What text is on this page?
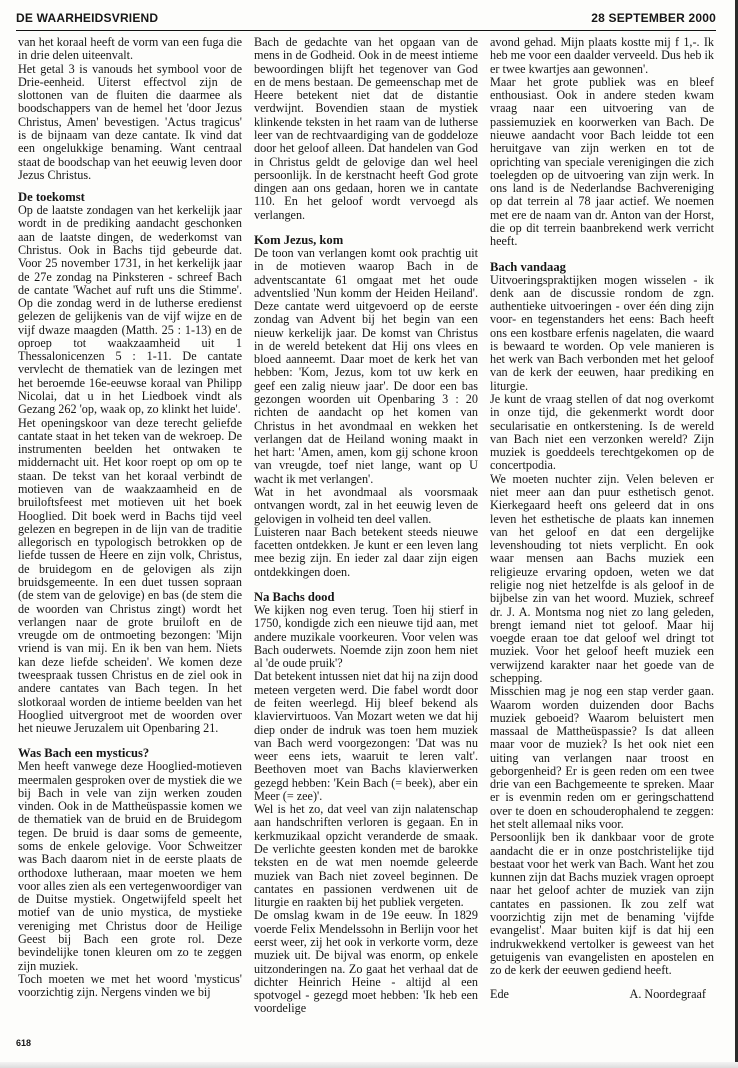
DE WAARHEIDSVRIEND	28 SEPTEMBER 2000

van het koraal heeft de vorm van een fuga die in drie delen uiteenvalt.

Het getal 3 is vanouds het symbool voor de Drie-eenheid. Uiterst effectvol zijn de slottonen van de fluiten die daarmee als boodschappers van de hemel het 'door Jezus Christus, Amen' bevestigen. 'Actus tragicus' is de bijnaam van deze cantate. Ik vind dat een ongelukkige benaming. Want centraal staat de boodschap van het eeuwig leven door Jezus Christus.

De toekomst

Op de laatste zondagen van het kerkelijk jaar wordt in de prediking aandacht geschonken aan de laatste dingen, de wederkomst van Christus. Ook in Bachs tijd gebeurde dat. Voor 25 november 1731, in het kerkelijk jaar de 27e zondag na Pinksteren - schreef Bach de cantate 'Wachet auf ruft uns die Stimme'. Op die zondag werd in de lutherse eredienst gelezen de gelijkenis van de vijf wijze en de vijf dwaze maagden (Matth. 25 : 1-13) en de oproep tot waakzaamheid uit 1 Thessalonicenzen 5 : 1-11. De cantate vervlecht de thematiek van de lezingen met het beroemde 16e-eeuwse koraal van Philipp Nicolai, dat u in het Liedboek vindt als Gezang 262 'op, waak op, zo klinkt het luide'.

Het openingskoor van deze terecht geliefde cantate staat in het teken van de wekroep. De instrumenten beelden het ontwaken te middernacht uit. Het koor roept op om op te staan. De tekst van het koraal verbindt de motieven van de waakzaamheid en de bruiloftsfeest met motieven uit het boek Hooglied. Dit boek werd in Bachs tijd veel gelezen en begrepen in de lijn van de traditie allegorisch en typologisch betrokken op de liefde tussen de Heere en zijn volk, Christus, de bruidegom en de gelovigen als zijn bruidsgemeente. In een duet tussen sopraan (de stem van de gelovige) en bas (de stem die de woorden van Christus zingt) wordt het verlangen naar de grote bruiloft en de vreugde om de ontmoeting bezongen: 'Mijn vriend is van mij. En ik ben van hem. Niets kan deze liefde scheiden'. We komen deze tweespraak tussen Christus en de ziel ook in andere cantates van Bach tegen. In het slotkoraal worden de intieme beelden van het Hooglied uitvergroot met de woorden over het nieuwe Jeruzalem uit Openbaring 21.

Was Bach een mysticus?

Men heeft vanwege deze Hooglied-motieven meermalen gesproken over de mystiek die we bij Bach in vele van zijn werken zouden vinden. Ook in de Mattheüspassie komen we de thematiek van de bruid en de Bruidegom tegen. De bruid is daar soms de gemeente, soms de enkele gelovige. Voor Schweitzer was Bach daarom niet in de eerste plaats de orthodoxe lutheraan, maar moeten we hem voor alles zien als een vertegenwoordiger van de Duitse mystiek. Ongetwijfeld speelt het motief van de unio mystica, de mystieke vereniging met Christus door de Heilige Geest bij Bach een grote rol. Deze bevindelijke tonen kleuren om zo te zeggen zijn muziek.

Toch moeten we met het woord 'mysticus' voorzichtig zijn. Nergens vinden we bij

Bach de gedachte van het opgaan van de mens in de Godheid. Ook in de meest intieme bewoordingen blijft het tegenover van God en de mens bestaan. De gemeenschap met de Heere betekent niet dat de distantie verdwijnt. Bovendien staan de mystiek klinkende teksten in het raam van de lutherse leer van de rechtvaardiging van de goddeloze door het geloof alleen. Dat handelen van God in Christus geldt de gelovige dan wel heel persoonlijk. In de kerstnacht heeft God grote dingen aan ons gedaan, horen we in cantate 110. En het geloof wordt vervoegd als verlangen.

Kom Jezus, kom

De toon van verlangen komt ook prachtig uit in de motieven waarop Bach in de adventscantate 61 omgaat met het oude adventslied 'Nun komm der Heiden Heiland'. Deze cantate werd uitgevoerd op de eerste zondag van Advent bij het begin van een nieuw kerkelijk jaar. De komst van Christus in de wereld betekent dat Hij ons vlees en bloed aanneemt. Daar moet de kerk het van hebben: 'Kom, Jezus, kom tot uw kerk en geef een zalig nieuw jaar'. De door een bas gezongen woorden uit Openbaring 3 : 20 richten de aandacht op het komen van Christus in het avondmaal en wekken het verlangen dat de Heiland woning maakt in het hart: 'Amen, amen, kom gij schone kroon van vreugde, toef niet lange, want op U wacht ik met verlangen'.

Wat in het avondmaal als voorsmaak ontvangen wordt, zal in het eeuwig leven de gelovigen in volheid ten deel vallen.

Luisteren naar Bach betekent steeds nieuwe facetten ontdekken. Je kunt er een leven lang mee bezig zijn. En ieder zal daar zijn eigen ontdekkingen doen.

Na Bachs dood

We kijken nog even terug. Toen hij stierf in 1750, kondigde zich een nieuwe tijd aan, met andere muzikale voorkeuren. Voor velen was Bach ouderwets. Noemde zijn zoon hem niet al 'de oude pruik'?

Dat betekent intussen niet dat hij na zijn dood meteen vergeten werd. Die fabel wordt door de feiten weerlegd. Hij bleef bekend als klaviervirtuoos. Van Mozart weten we dat hij diep onder de indruk was toen hem muziek van Bach werd voorgezongen: 'Dat was nu weer eens iets, waaruit te leren valt'. Beethoven moet van Bachs klavierwerken gezegd hebben: 'Kein Bach (= beek), aber ein Meer (= zee)'.

Wel is het zo, dat veel van zijn nalatenschap aan handschriften verloren is gegaan. En in kerkmuzikaal opzicht veranderde de smaak. De verlichte geesten konden met de barokke teksten en de wat men noemde geleerde muziek van Bach niet zoveel beginnen. De cantates en passionen verdwenen uit de liturgie en raakten bij het publiek vergeten.

De omslag kwam in de 19e eeuw. In 1829 voerde Felix Mendelssohn in Berlijn voor het eerst weer, zij het ook in verkorte vorm, deze muziek uit. De bijval was enorm, op enkele uitzonderingen na. Zo gaat het verhaal dat de dichter Heinrich Heine - altijd al een spotvogel - gezegd moet hebben: 'Ik heb een voordelige

avond gehad. Mijn plaats kostte mij f 1,-. Ik heb me voor een daalder verveeld. Dus heb ik er twee kwartjes aan gewonnen'.

Maar het grote publiek was en bleef enthousiast. Ook in andere steden kwam vraag naar een uitvoering van de passiemuziek en koorwerken van Bach. De nieuwe aandacht voor Bach leidde tot een heruitgave van zijn werken en tot de oprichting van speciale verenigingen die zich toelegden op de uitvoering van zijn werk. In ons land is de Nederlandse Bachvereniging op dat terrein al 78 jaar actief. We noemen met ere de naam van dr. Anton van der Horst, die op dit terrein baanbrekend werk verricht heeft.

Bach vandaag

Uitvoeringspraktijken mogen wisselen - ik denk aan de discussie rondom de zgn. authentieke uitvoeringen - over één ding zijn voor- en tegenstanders het eens: Bach heeft ons een kostbare erfenis nagelaten, die waard is bewaard te worden. Op vele manieren is het werk van Bach verbonden met het geloof van de kerk der eeuwen, haar prediking en liturgie.

Je kunt de vraag stellen of dat nog overkomt in onze tijd, die gekenmerkt wordt door secularisatie en ontkerstening. Is de wereld van Bach niet een verzonken wereld? Zijn muziek is goeddeels terechtgekomen op de concertpodia.

We moeten nuchter zijn. Velen beleven er niet meer aan dan puur esthetisch genot. Kierkegaard heeft ons geleerd dat in ons leven het esthetische de plaats kan innemen van het geloof en dat een dergelijke levenshouding tot niets verplicht. En ook waar mensen aan Bachs muziek een religieuze ervaring opdoen, weten we dat religie nog niet hetzelfde is als geloof in de bijbelse zin van het woord. Muziek, schreef dr. J. A. Montsma nog niet zo lang geleden, brengt iemand niet tot geloof. Maar hij voegde eraan toe dat geloof wel dringt tot muziek. Voor het geloof heeft muziek een verwijzend karakter naar het goede van de schepping.

Misschien mag je nog een stap verder gaan. Waarom worden duizenden door Bachs muziek geboeid? Waarom beluistert men massaal de Mattheüspassie? Is dat alleen maar voor de muziek? Is het ook niet een uiting van verlangen naar troost en geborgenheid? Er is geen reden om een twee drie van een Bachgemeente te spreken. Maar er is evenmin reden om er geringschattend over te doen en schouderophalend te zeggen: het stelt allemaal niks voor.

Persoonlijk ben ik dankbaar voor de grote aandacht die er in onze postchristelijke tijd bestaat voor het werk van Bach. Want het zou kunnen zijn dat Bachs muziek vragen oproept naar het geloof achter de muziek van zijn cantates en passionen. Ik zou zelf wat voorzichtig zijn met de benaming 'vijfde evangelist'. Maar buiten kijf is dat hij een indrukwekkend vertolker is geweest van het getuigenis van evangelisten en apostelen en zo de kerk der eeuwen gediend heeft.

Ede	A. Noordegraaf
618
